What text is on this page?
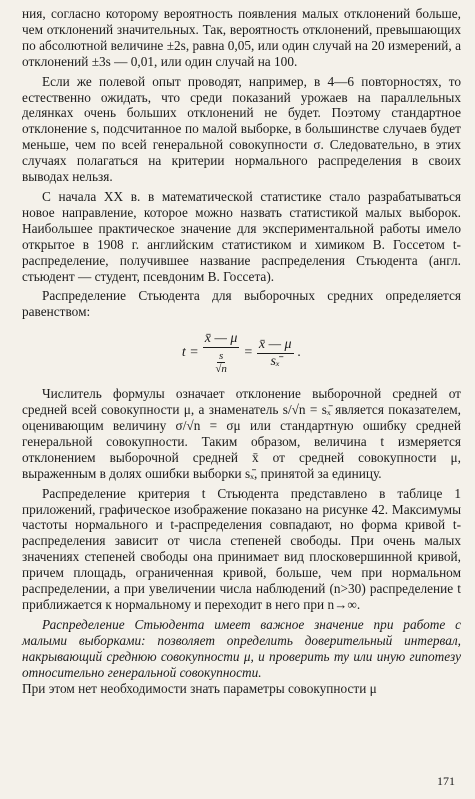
ния, согласно которому вероятность появления малых отклонений больше, чем отклонений значительных. Так, вероятность отклонений, превышающих по абсолютной величине ±2s, равна 0,05, или один случай на 20 измерений, а отклонений ±3s — 0,01, или один случай на 100.

Если же полевой опыт проводят, например, в 4—6 повторностях, то естественно ожидать, что среди показаний урожаев на параллельных делянках очень больших отклонений не будет. Поэтому стандартное отклонение s, подсчитанное по малой выборке, в большинстве случаев будет меньше, чем по всей генеральной совокупности σ. Следовательно, в этих случаях полагаться на критерии нормального распределения в своих выводах нельзя.

С начала XX в. в математической статистике стало разрабатываться новое направление, которое можно назвать статистикой малых выборок. Наибольшее практическое значение для экспериментальной работы имело открытое в 1908 г. английским статистиком и химиком В. Госсетом t-распределение, получившее название распределения Стьюдента (англ. стьюдент — студент, псевдоним В. Госсета).

Распределение Стьюдента для выборочных средних определяется равенством:

$t = \frac{x̄ — \mu}{\frac{s}{√n}} = \frac{x̄ — \mu}{\text{sₓ̄}}$ .

Числитель формулы означает отклонение выборочной средней от средней всей совокупности μ, а знаменатель s/√n = sₓ̄ является показателем, оценивающим величину σ/√n = σμ или стандартную ошибку средней генеральной совокупности. Таким образом, величина t измеряется отклонением выборочной средней x̄ от средней совокупности μ, выраженным в долях ошибки выборки sₓ̄, принятой за единицу.

Распределение критерия t Стьюдента представлено в таблице 1 приложений, графическое изображение показано на рисунке 42. Максимумы частоты нормального и t-распределения совпадают, но форма кривой t-распределения зависит от числа степеней свободы. При очень малых значениях степеней свободы она принимает вид плосковершинной кривой, причем площадь, ограниченная кривой, больше, чем при нормальном распределении, а при увеличении числа наблюдений (n>30) распределение t приближается к нормальному и переходит в него при n→∞.

Распределение Стьюдента имеет важное значение при работе с малыми выборками: позволяет определить доверительный интервал, накрывающий среднюю совокупности μ, и проверить ту или иную гипотезу относительно генеральной совокупности.

При этом нет необходимости знать параметры совокупности μ

171
